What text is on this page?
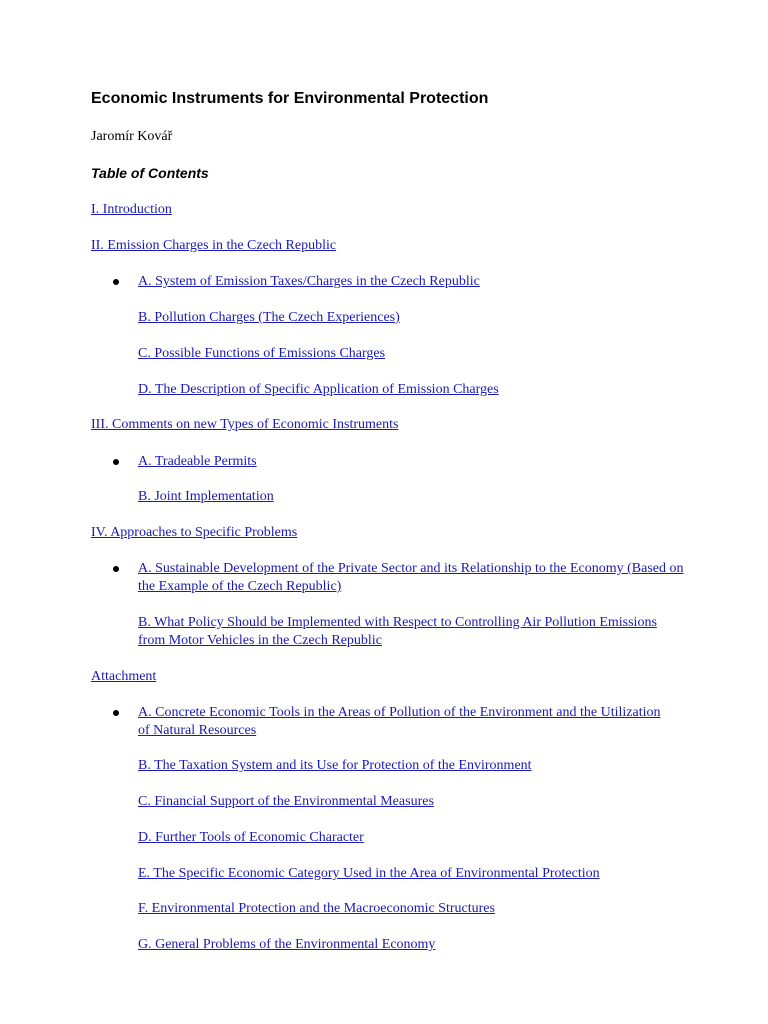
Economic Instruments for Environmental Protection
Jaromír Kovář
Table of Contents
I. Introduction
II. Emission Charges in the Czech Republic
A. System of Emission Taxes/Charges in the Czech Republic
B. Pollution Charges (The Czech Experiences)
C. Possible Functions of Emissions Charges
D. The Description of Specific Application of Emission Charges
III. Comments on new Types of Economic Instruments
A. Tradeable Permits
B. Joint Implementation
IV. Approaches to Specific Problems
A. Sustainable Development of the Private Sector and its Relationship to the Economy (Based on the Example of the Czech Republic)
B. What Policy Should be Implemented with Respect to Controlling Air Pollution Emissions from Motor Vehicles in the Czech Republic
Attachment
A. Concrete Economic Tools in the Areas of Pollution of the Environment and the Utilization of Natural Resources
B. The Taxation System and its Use for Protection of the Environment
C. Financial Support of the Environmental Measures
D. Further Tools of Economic Character
E. The Specific Economic Category Used in the Area of Environmental Protection
F. Environmental Protection and the Macroeconomic Structures
G. General Problems of the Environmental Economy
